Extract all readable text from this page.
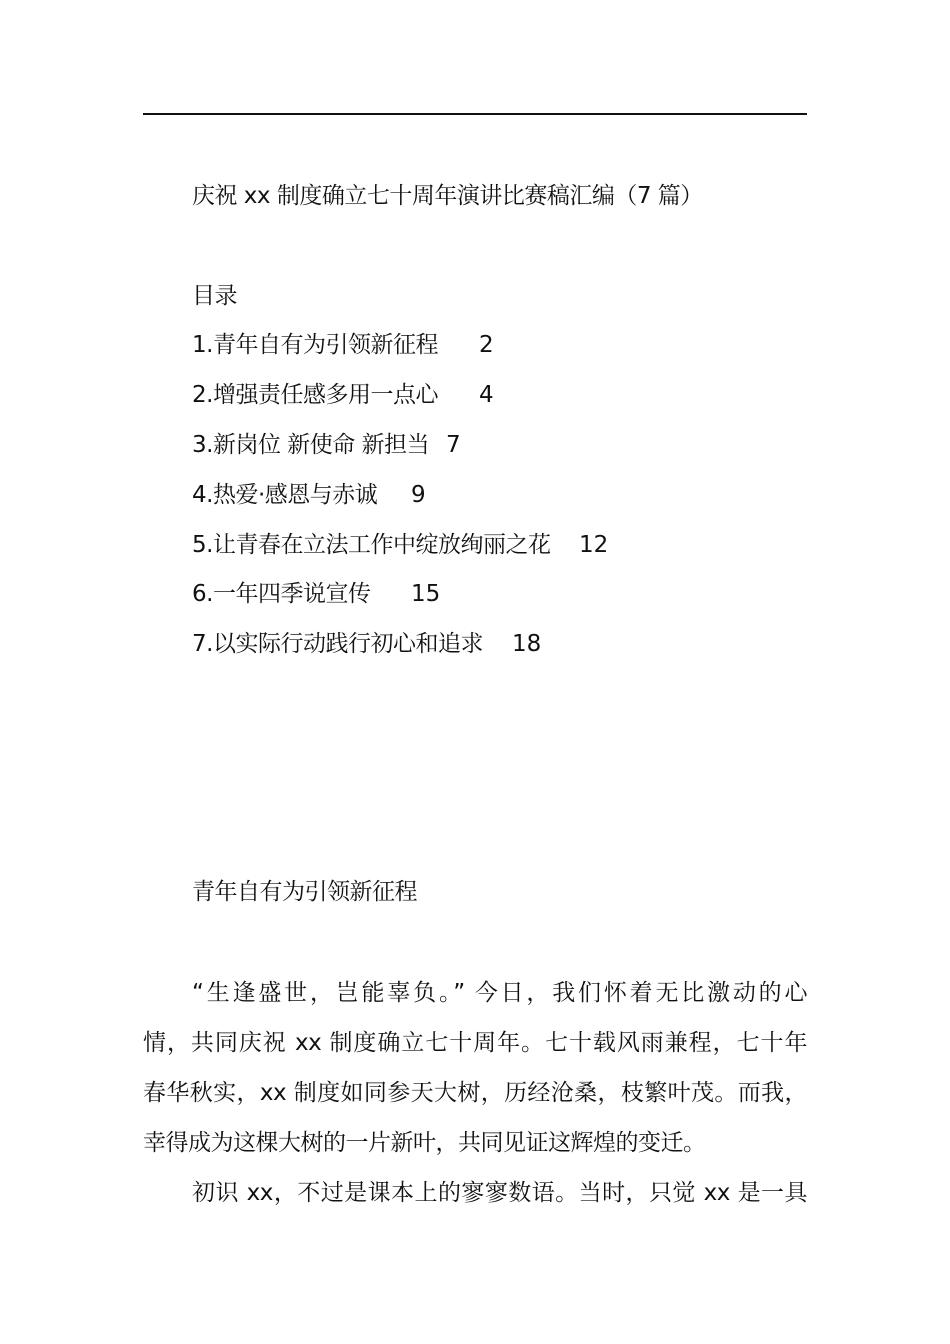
庆祝 xx 制度确立七十周年演讲比赛稿汇编（7 篇）
目录
1.青年自有为引领新征程 2
2.增强责任感多用一点心 4
3.新岗位 新使命 新担当 7
4.热爱·感恩与赤诚 9
5.让青春在立法工作中绽放绚丽之花 12
6.一年四季说宣传 15
7.以实际行动践行初心和追求 18
青年自有为引领新征程
“生逢盛世，岂能辜负。” 今日，我们怀着无比激动的心
情，共同庆祝 xx 制度确立七十周年。七十载风雨兼程，七十年
春华秋实，xx 制度如同参天大树，历经沧桑，枝繁叶茂。而我，
幸得成为这棵大树的一片新叶，共同见证这辉煌的变迁。
初识 xx，不过是课本上的寥寥数语。当时，只觉 xx 是一具
